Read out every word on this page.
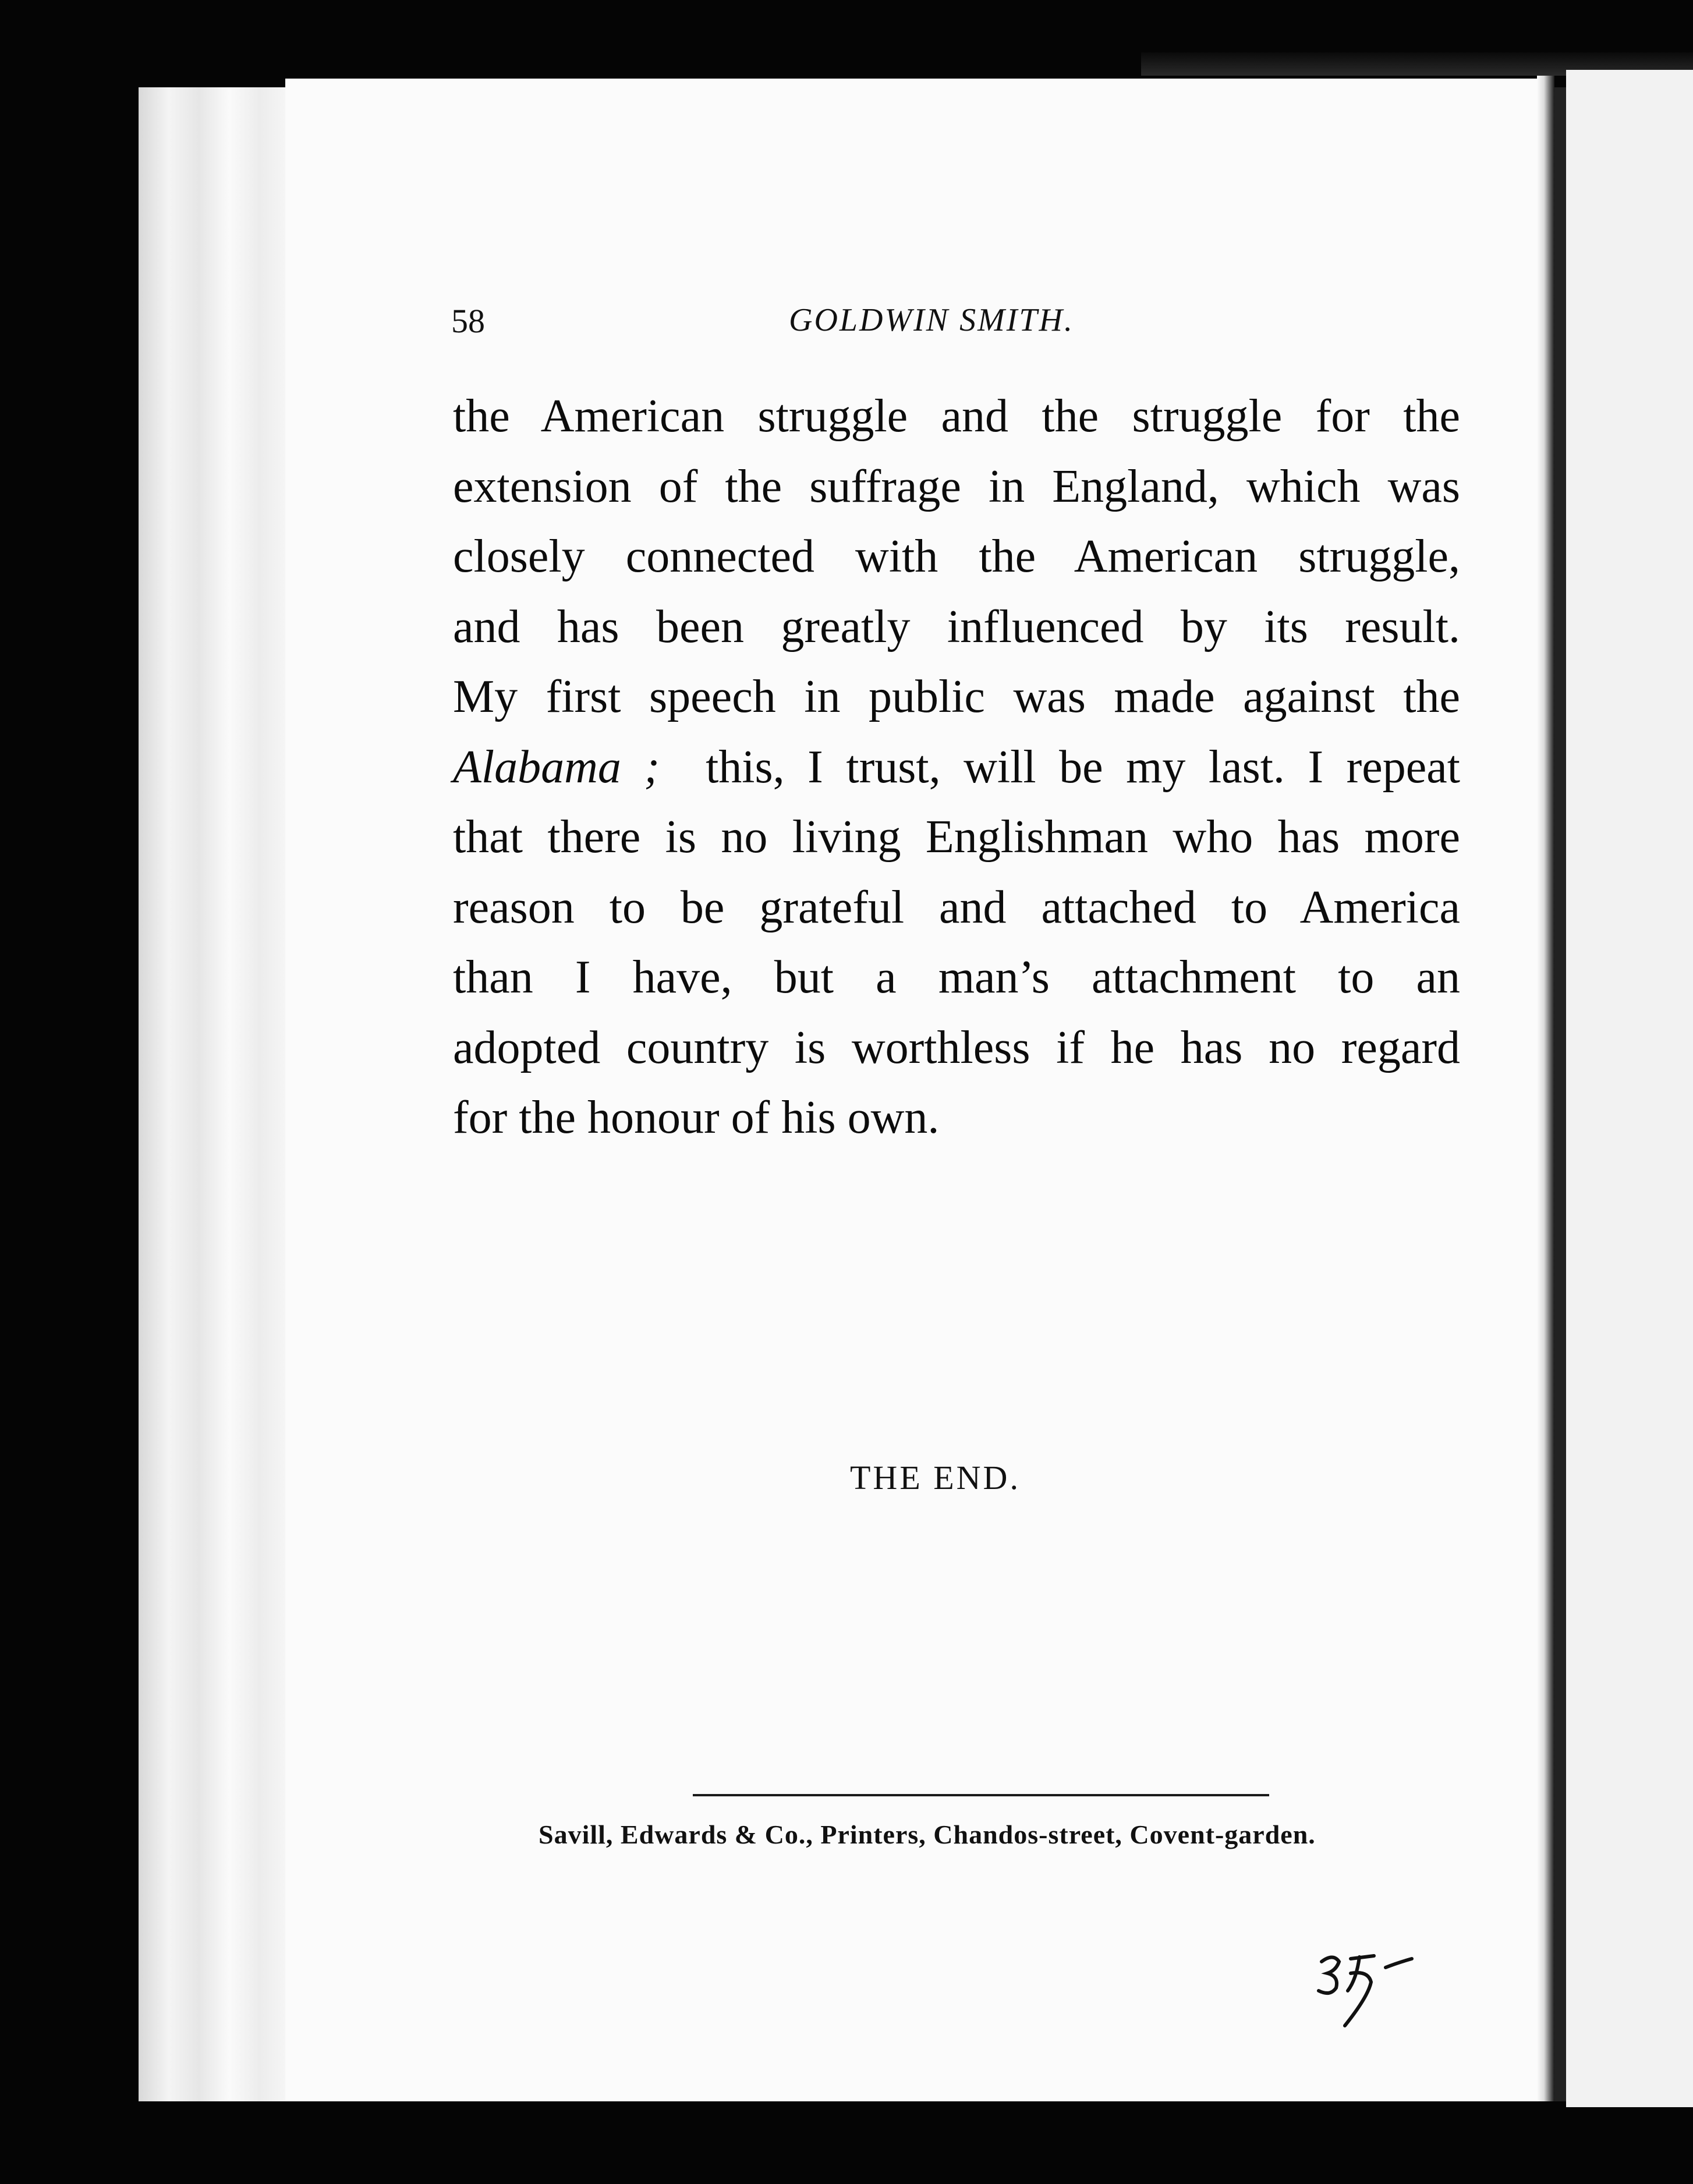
58	GOLDWIN SMITH.
the American struggle and the struggle for the
extension of the suffrage in England, which was
closely connected with the American struggle,
and has been greatly influenced by its result.
My first speech in public was made against the
Alabama ; this, I trust, will be my last. I repeat
that there is no living Englishman who has more
reason to be grateful and attached to America
than I have, but a man’s attachment to an
adopted country is worthless if he has no regard
for the honour of his own.
THE END.
Savill, Edwards & Co., Printers, Chandos-street, Covent-garden.
